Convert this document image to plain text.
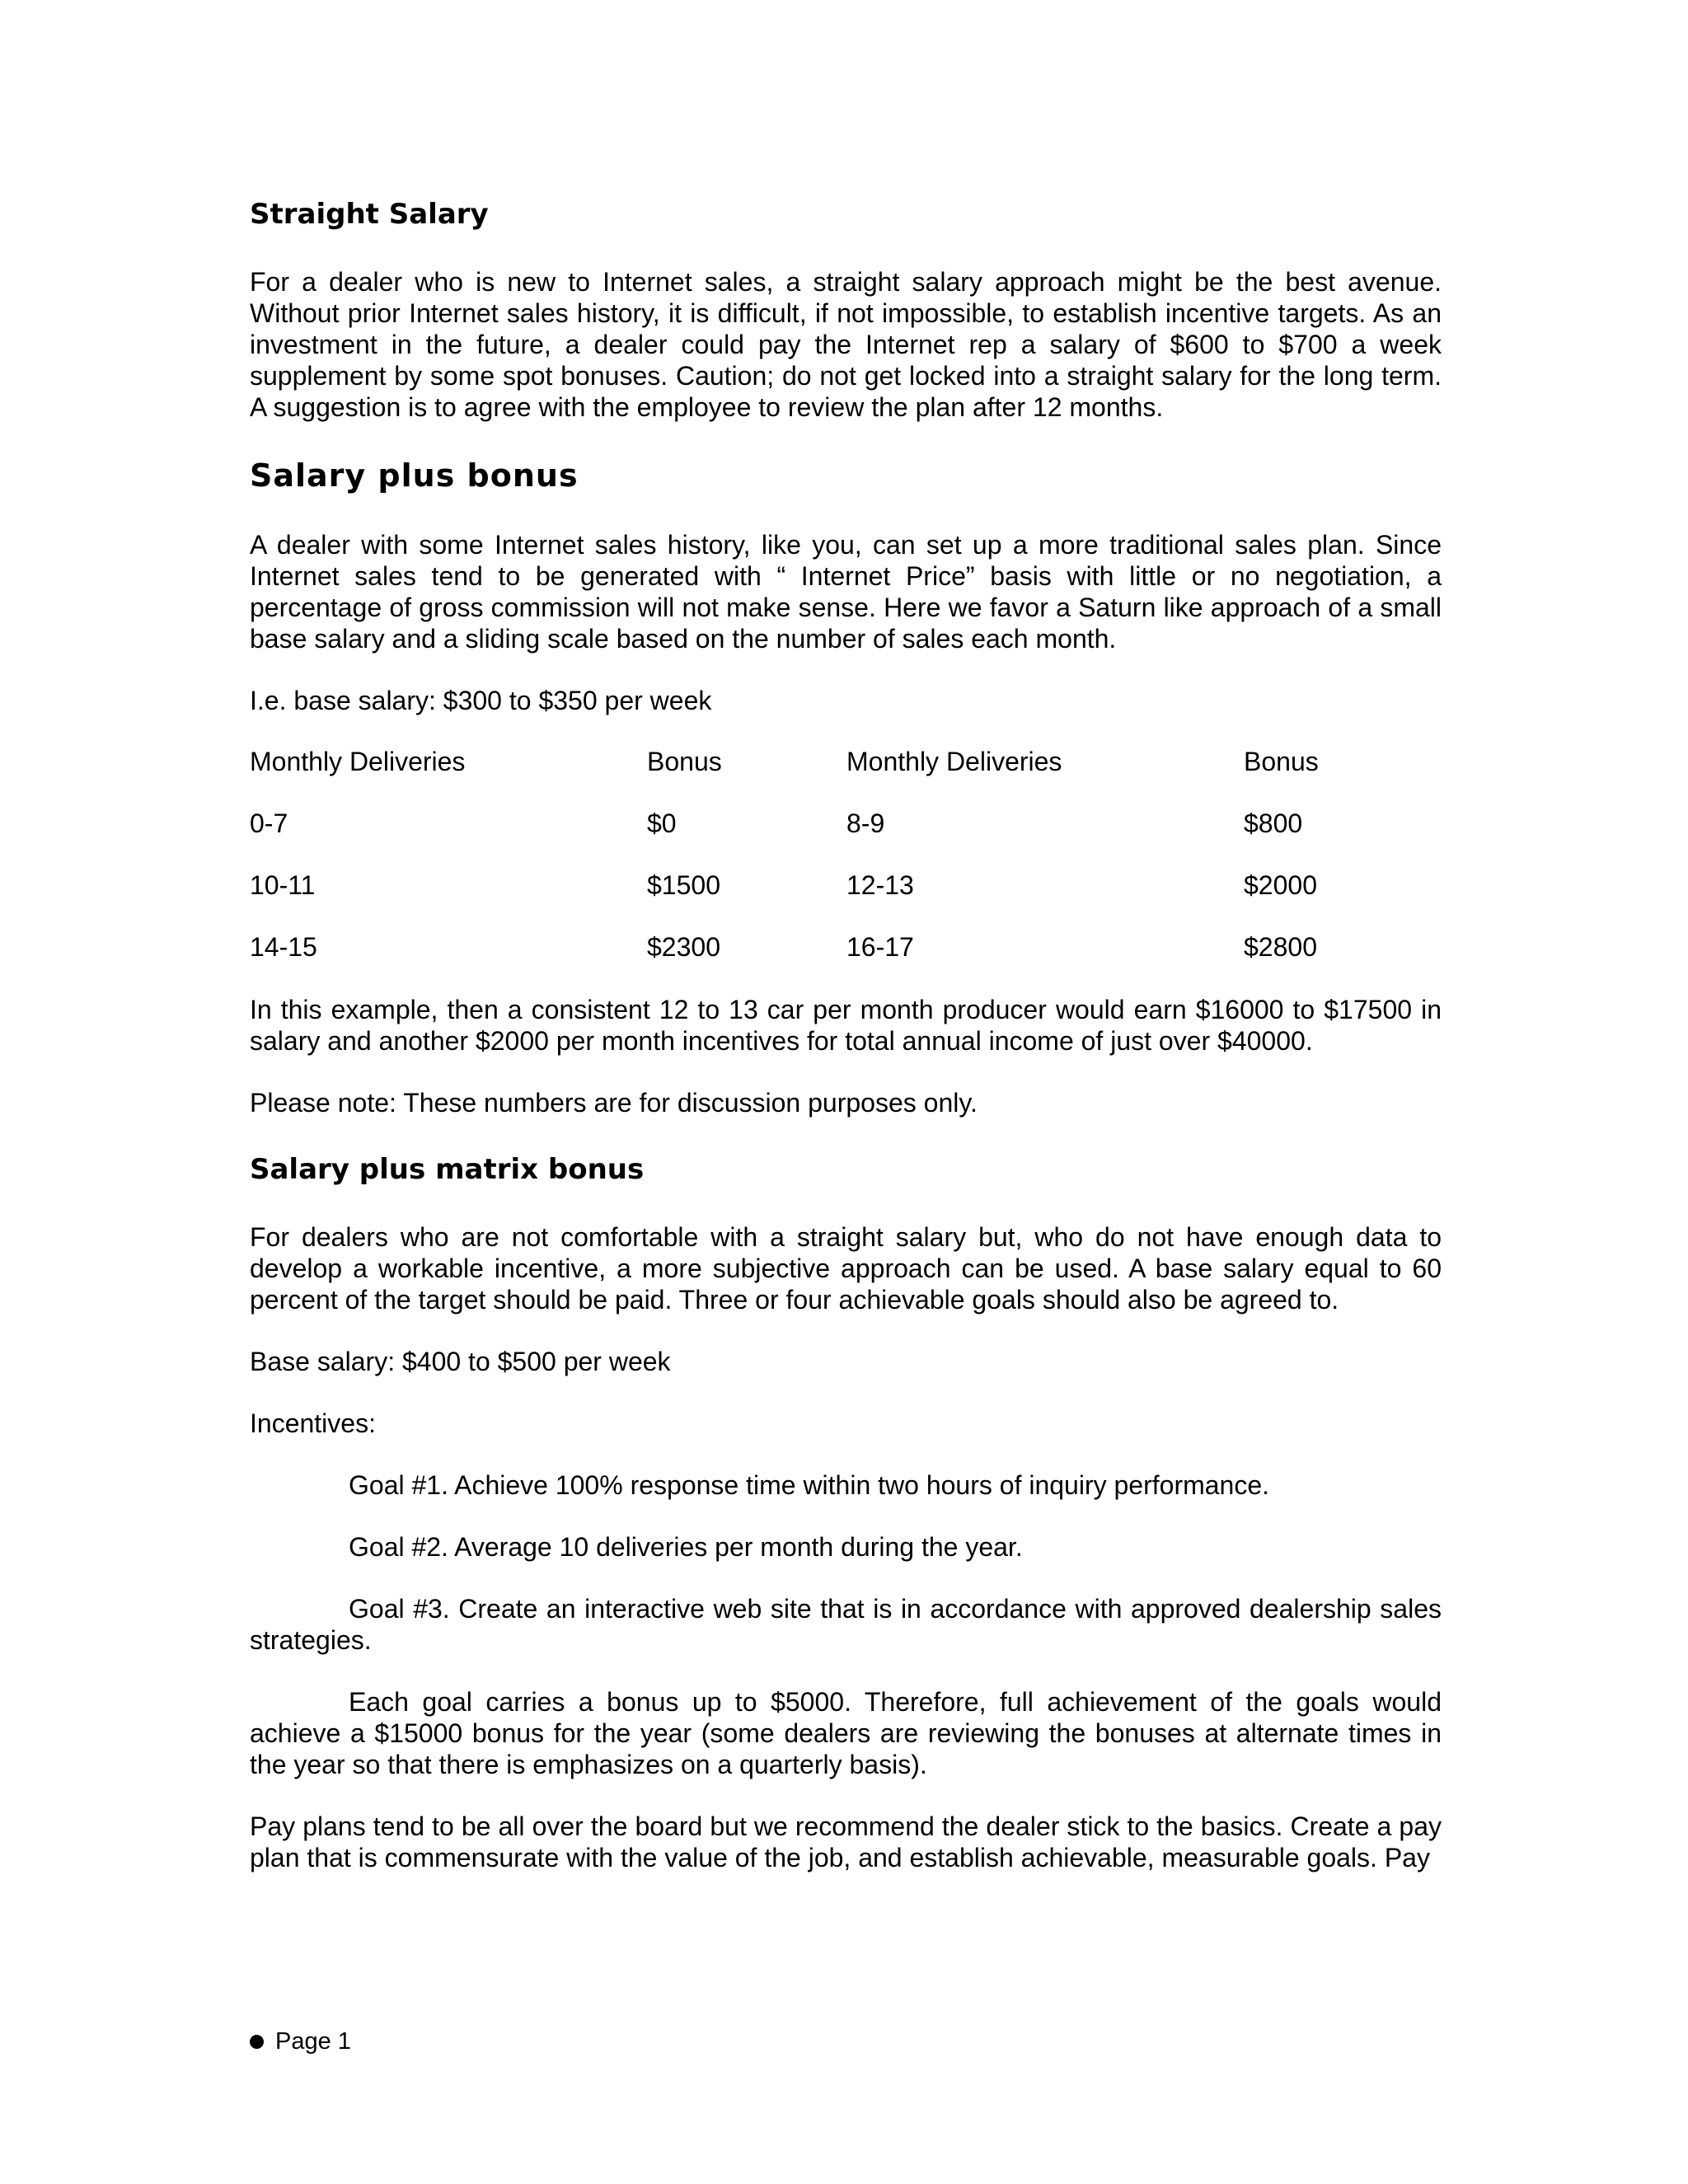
Straight Salary

For a dealer who is new to Internet sales, a straight salary approach might be the best avenue. Without prior Internet sales history, it is difficult, if not impossible, to establish incentive targets. As an investment in the future, a dealer could pay the Internet rep a salary of $600 to $700 a week supplement by some spot bonuses. Caution; do not get locked into a straight salary for the long term. A suggestion is to agree with the employee to review the plan after 12 months.

Salary plus bonus

A dealer with some Internet sales history, like you, can set up a more traditional sales plan. Since Internet sales tend to be generated with “ Internet Price” basis with little or no negotiation, a percentage of gross commission will not make sense. Here we favor a Saturn like approach of a small base salary and a sliding scale based on the number of sales each month.

I.e. base salary: $300 to $350 per week

Monthly Deliveries	Bonus	Monthly Deliveries	Bonus
0-7	$0	8-9	$800
10-11	$1500	12-13	$2000
14-15	$2300	16-17	$2800

In this example, then a consistent 12 to 13 car per month producer would earn $16000 to $17500 in salary and another $2000 per month incentives for total annual income of just over $40000.

Please note: These numbers are for discussion purposes only.

Salary plus matrix bonus

For dealers who are not comfortable with a straight salary but, who do not have enough data to develop a workable incentive, a more subjective approach can be used. A base salary equal to 60 percent of the target should be paid. Three or four achievable goals should also be agreed to.

Base salary: $400 to $500 per week

Incentives:

Goal #1. Achieve 100% response time within two hours of inquiry performance.

Goal #2. Average 10 deliveries per month during the year.

Goal #3. Create an interactive web site that is in accordance with approved dealership sales strategies.

Each goal carries a bonus up to $5000. Therefore, full achievement of the goals would achieve a $15000 bonus for the year (some dealers are reviewing the bonuses at alternate times in the year so that there is emphasizes on a quarterly basis).

Pay plans tend to be all over the board but we recommend the dealer stick to the basics. Create a pay plan that is commensurate with the value of the job, and establish achievable, measurable goals. Pay

Page 1
